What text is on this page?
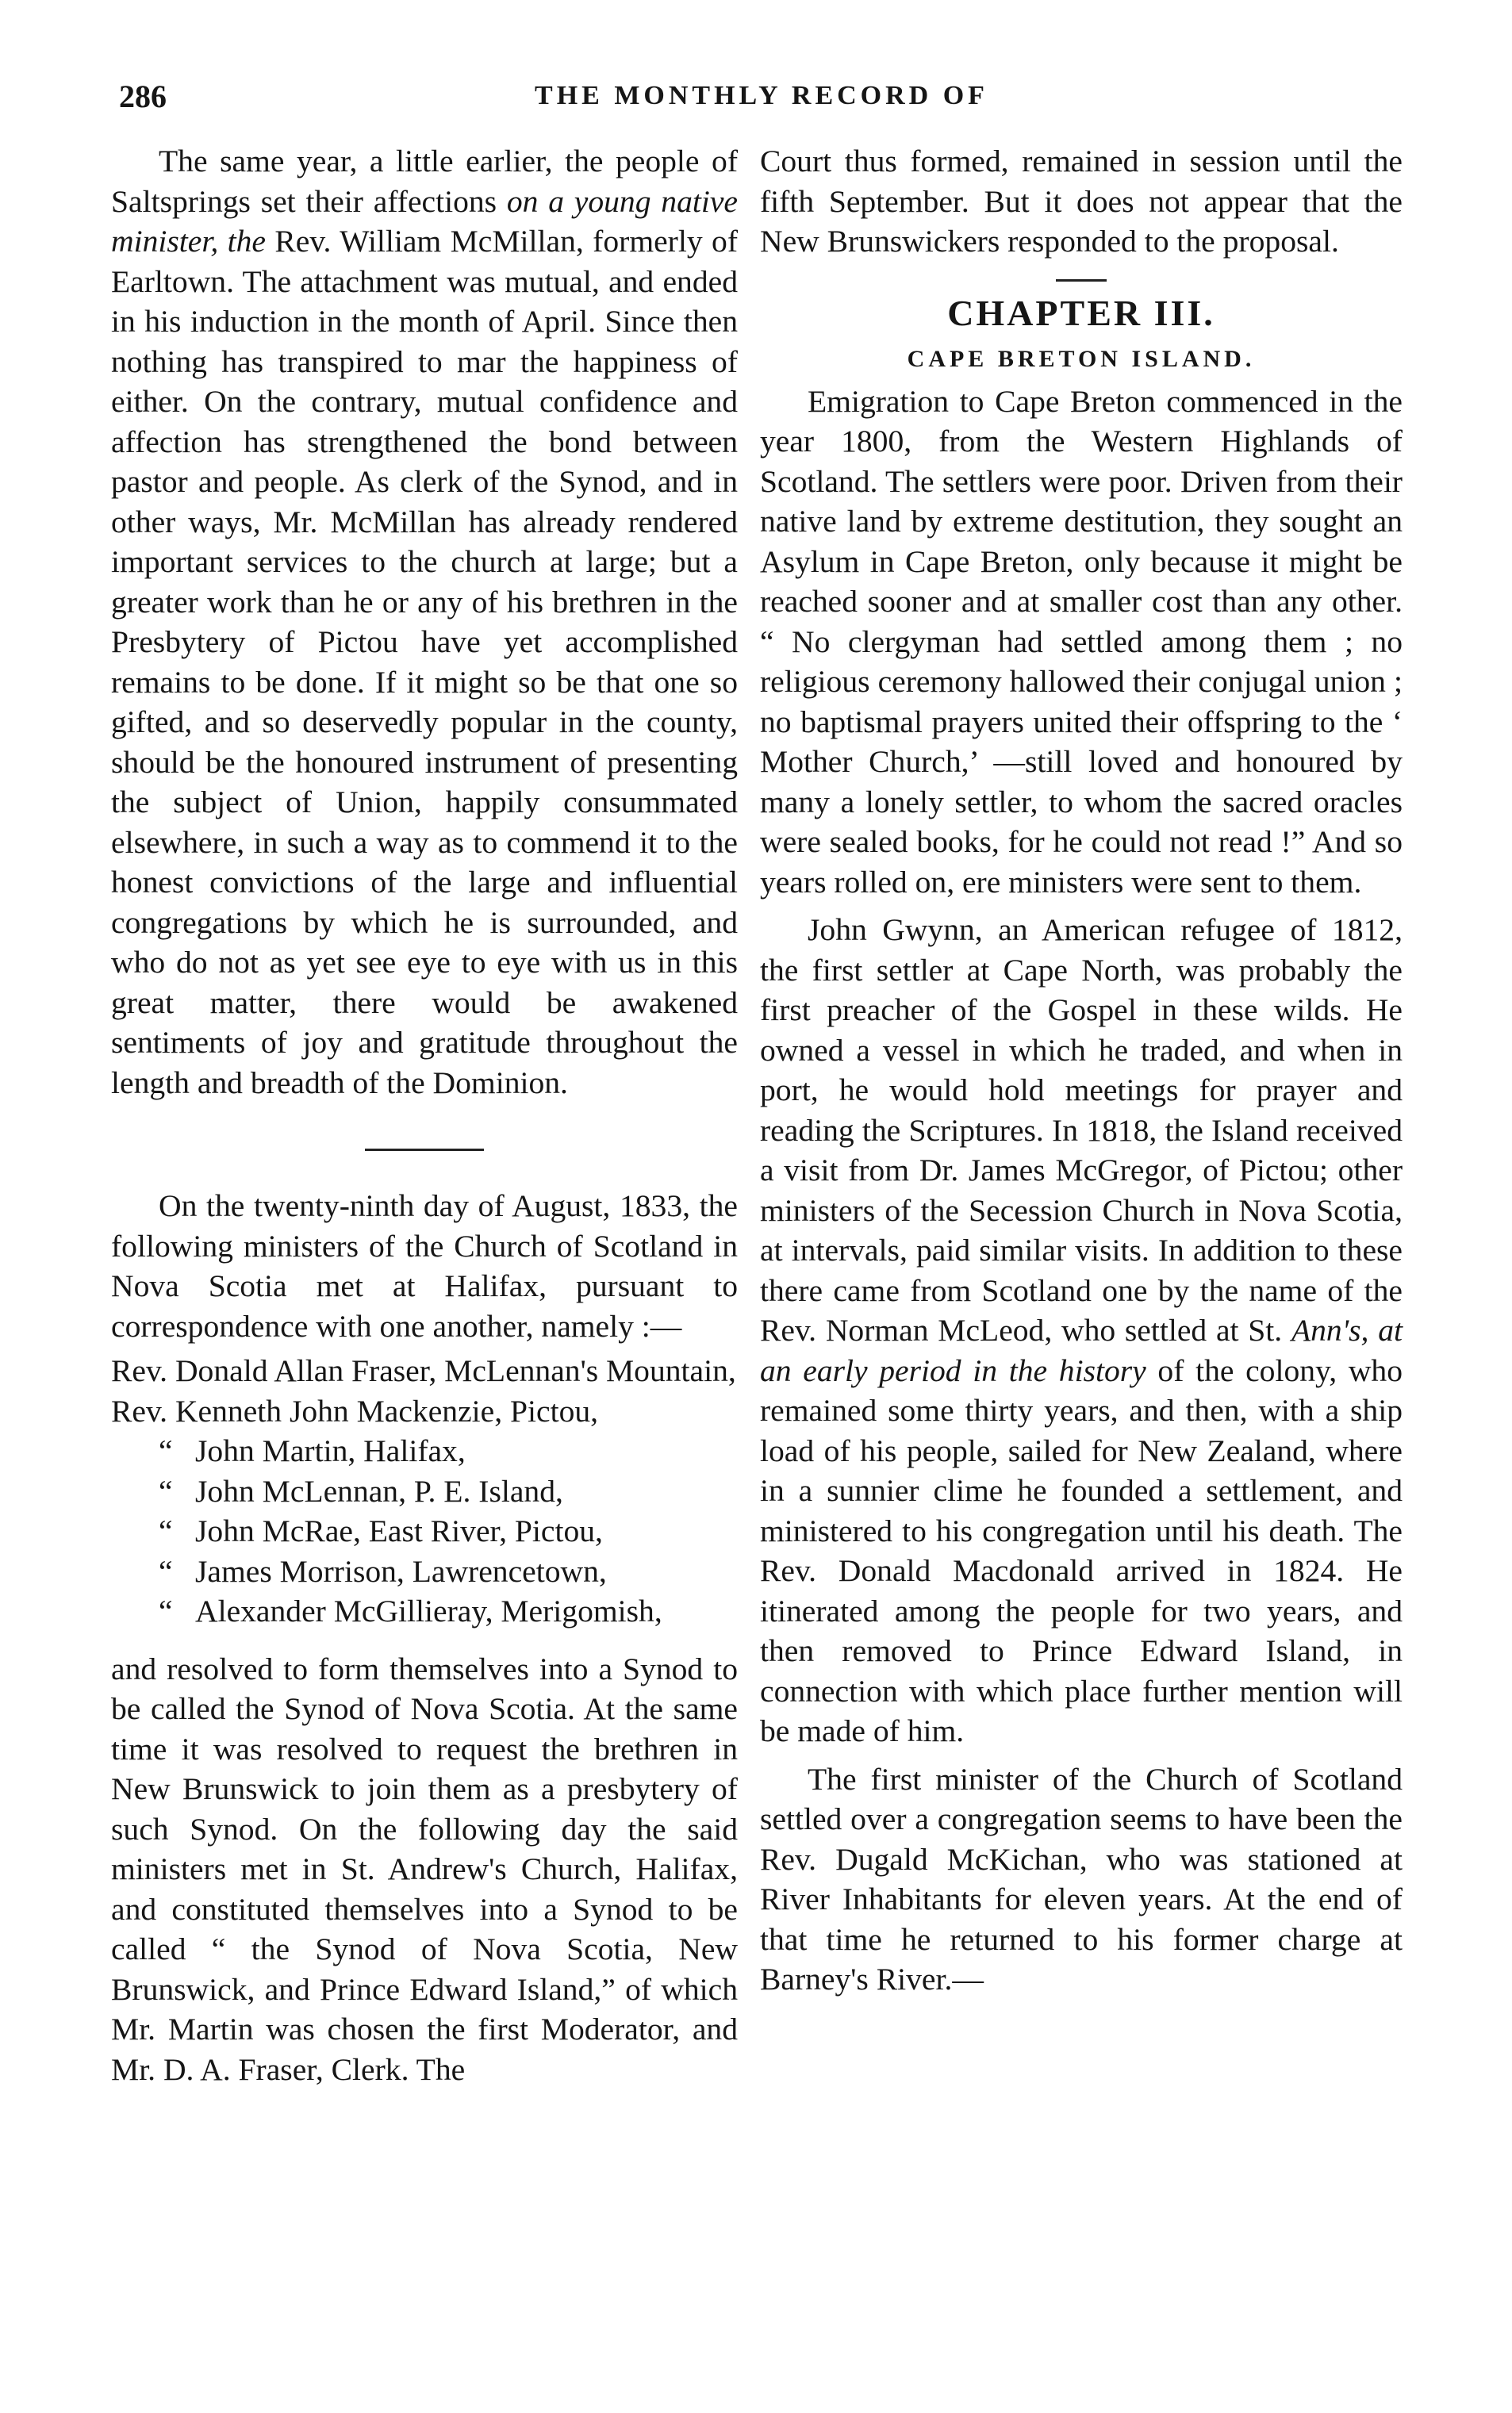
286	THE MONTHLY RECORD OF

The same year, a little earlier, the people of Saltsprings set their affections on a young native minister, the Rev. William McMillan, formerly of Earltown. The attachment was mutual, and ended in his induction in the month of April. Since then nothing has transpired to mar the happiness of either. On the contrary, mutual confidence and affection has strengthened the bond between pastor and people. As clerk of the Synod, and in other ways, Mr. McMillan has already rendered important services to the church at large; but a greater work than he or any of his brethren in the Presbytery of Pictou have yet accomplished remains to be done. If it might so be that one so gifted, and so deservedly popular in the county, should be the honoured instrument of presenting the subject of Union, happily consummated elsewhere, in such a way as to commend it to the honest convictions of the large and influential congregations by which he is surrounded, and who do not as yet see eye to eye with us in this great matter, there would be awakened sentiments of joy and gratitude throughout the length and breadth of the Dominion.

On the twenty-ninth day of August, 1833, the following ministers of the Church of Scotland in Nova Scotia met at Halifax, pursuant to correspondence with one another, namely :—

Rev. Donald Allan Fraser, McLennan's Mountain,
Rev. Kenneth John Mackenzie, Pictou,
“ John Martin, Halifax,
“ John McLennan, P. E. Island,
“ John McRae, East River, Pictou,
“ James Morrison, Lawrencetown,
“ Alexander McGillieray, Merigomish,

and resolved to form themselves into a Synod to be called the Synod of Nova Scotia. At the same time it was resolved to request the brethren in New Brunswick to join them as a presbytery of such Synod. On the following day the said ministers met in St. Andrew's Church, Halifax, and constituted themselves into a Synod to be called “ the Synod of Nova Scotia, New Brunswick, and Prince Edward Island,” of which Mr. Martin was chosen the first Moderator, and Mr. D. A. Fraser, Clerk. The

Court thus formed, remained in session until the fifth September. But it does not appear that the New Brunswickers responded to the proposal.

CHAPTER III.
CAPE BRETON ISLAND.

Emigration to Cape Breton commenced in the year 1800, from the Western Highlands of Scotland. The settlers were poor. Driven from their native land by extreme destitution, they sought an Asylum in Cape Breton, only because it might be reached sooner and at smaller cost than any other. “ No clergyman had settled among them ; no religious ceremony hallowed their conjugal union ; no baptismal prayers united their offspring to the ‘ Mother Church,’ —still loved and honoured by many a lonely settler, to whom the sacred oracles were sealed books, for he could not read !” And so years rolled on, ere ministers were sent to them.

John Gwynn, an American refugee of 1812, the first settler at Cape North, was probably the first preacher of the Gospel in these wilds. He owned a vessel in which he traded, and when in port, he would hold meetings for prayer and reading the Scriptures. In 1818, the Island received a visit from Dr. James McGregor, of Pictou; other ministers of the Secession Church in Nova Scotia, at intervals, paid similar visits. In addition to these there came from Scotland one by the name of the Rev. Norman McLeod, who settled at St. Ann's, at an early period in the history of the colony, who remained some thirty years, and then, with a ship load of his people, sailed for New Zealand, where in a sunnier clime he founded a settlement, and ministered to his congregation until his death. The Rev. Donald Macdonald arrived in 1824. He itinerated among the people for two years, and then removed to Prince Edward Island, in connection with which place further mention will be made of him.

The first minister of the Church of Scotland settled over a congregation seems to have been the Rev. Dugald McKichan, who was stationed at River Inhabitants for eleven years. At the end of that time he returned to his former charge at Barney's River.—
